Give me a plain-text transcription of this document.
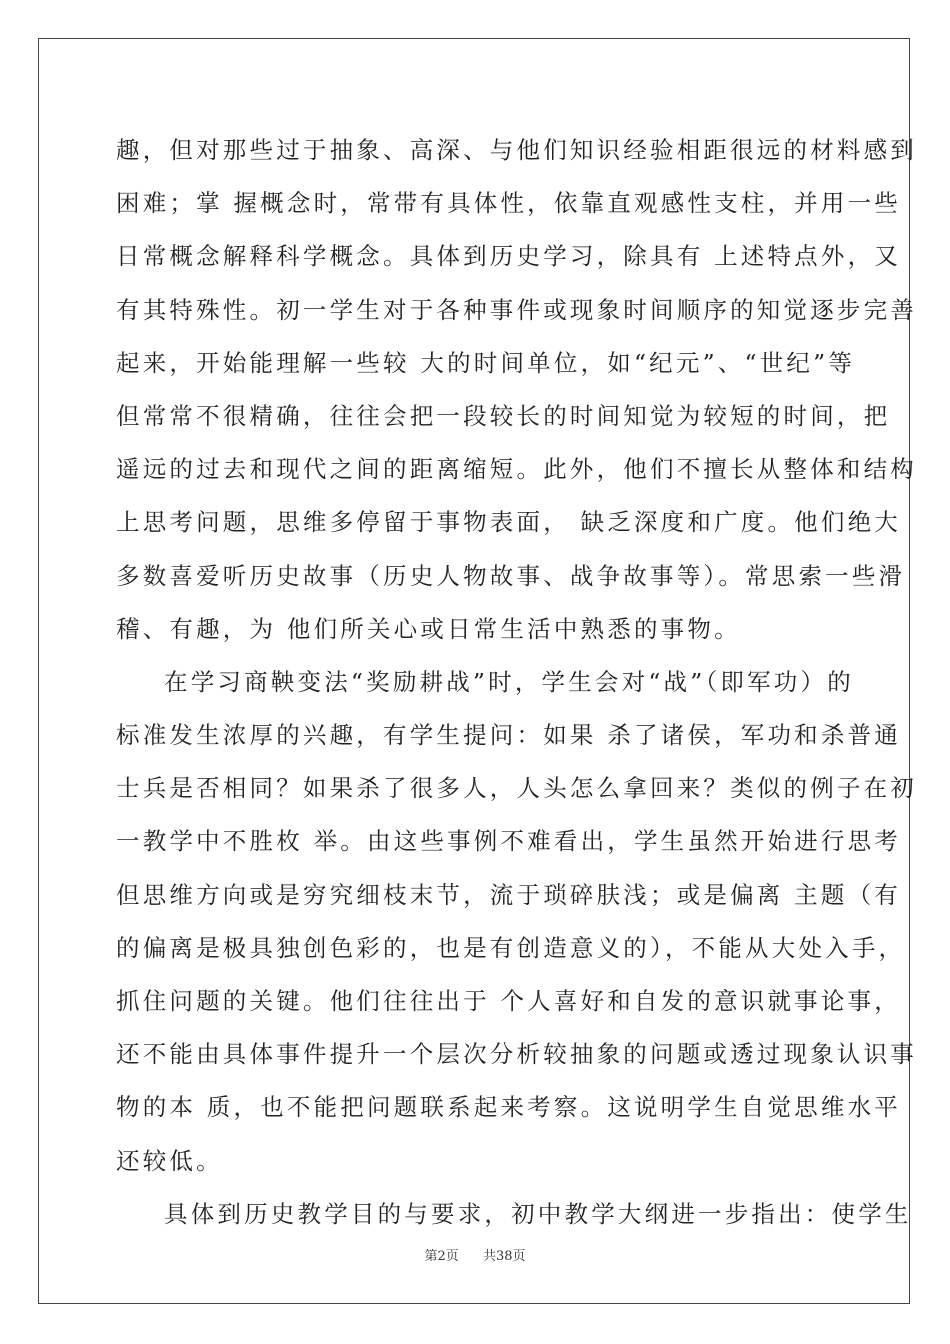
趣，但对那些过于抽象、高深、与他们知识经验相距很远的材料感到
困难；掌 握概念时，常带有具体性，依靠直观感性支柱，并用一些
日常概念解释科学概念。具体到历史学习，除具有 上述特点外，又
有其特殊性。初一学生对于各种事件或现象时间顺序的知觉逐步完善
起来，开始能理解一些较 大的时间单位，如“纪元”、“世纪”等
但常常不很精确，往往会把一段较长的时间知觉为较短的时间，把
遥远的过去和现代之间的距离缩短。此外，他们不擅长从整体和结构
上思考问题，思维多停留于事物表面， 缺乏深度和广度。他们绝大
多数喜爱听历史故事（历史人物故事、战争故事等）。常思索一些滑
稽、有趣，为 他们所关心或日常生活中熟悉的事物。
在学习商鞅变法“奖励耕战”时，学生会对“战”（即军功）的
标准发生浓厚的兴趣，有学生提问：如果 杀了诸侯，军功和杀普通
士兵是否相同？如果杀了很多人，人头怎么拿回来？类似的例子在初
一教学中不胜枚 举。由这些事例不难看出，学生虽然开始进行思考
但思维方向或是穷究细枝末节，流于琐碎肤浅；或是偏离 主题（有
的偏离是极具独创色彩的，也是有创造意义的），不能从大处入手，
抓住问题的关键。他们往往出于 个人喜好和自发的意识就事论事，
还不能由具体事件提升一个层次分析较抽象的问题或透过现象认识事
物的本 质，也不能把问题联系起来考察。这说明学生自觉思维水平
还较低。
具体到历史教学目的与要求，初中教学大纲进一步指出：使学生
第2页 共38页
